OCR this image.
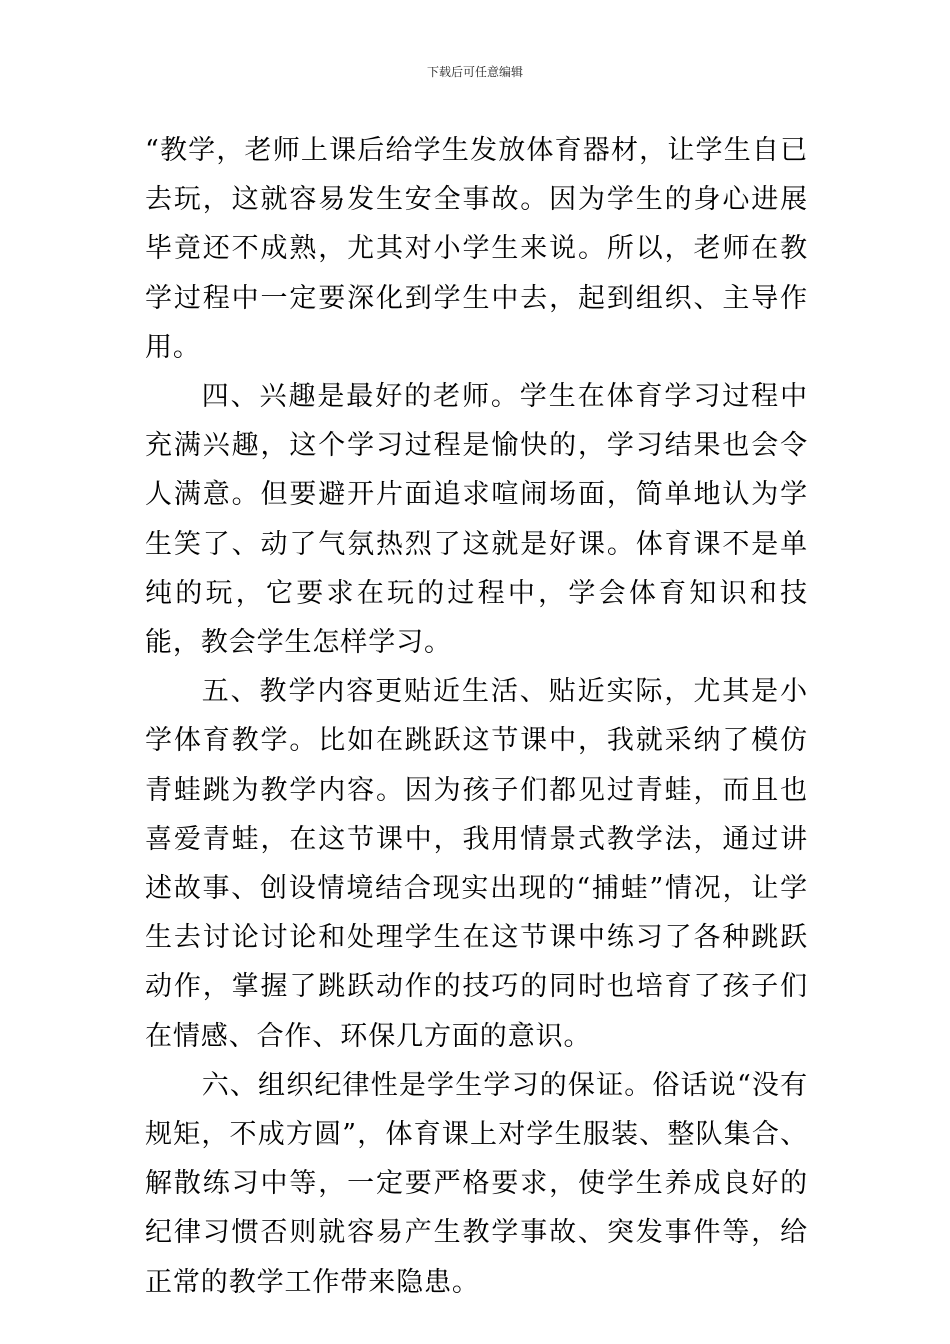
下载后可任意编辑

“教学，老师上课后给学生发放体育器材，让学生自已去玩，这就容易发生安全事故。因为学生的身心进展毕竟还不成熟，尤其对小学生来说。所以，老师在教学过程中一定要深化到学生中去，起到组织、主导作用。

四、兴趣是最好的老师。学生在体育学习过程中充满兴趣，这个学习过程是愉快的，学习结果也会令人满意。但要避开片面追求喧闹场面，简单地认为学生笑了、动了气氛热烈了这就是好课。体育课不是单纯的玩，它要求在玩的过程中，学会体育知识和技能，教会学生怎样学习。

五、教学内容更贴近生活、贴近实际，尤其是小学体育教学。比如在跳跃这节课中，我就采纳了模仿青蛙跳为教学内容。因为孩子们都见过青蛙，而且也喜爱青蛙，在这节课中，我用情景式教学法，通过讲述故事、创设情境结合现实出现的“捕蛙”情况，让学生去讨论讨论和处理学生在这节课中练习了各种跳跃动作，掌握了跳跃动作的技巧的同时也培育了孩子们在情感、合作、环保几方面的意识。

六、组织纪律性是学生学习的保证。俗话说“没有规矩，不成方圆”，体育课上对学生服装、整队集合、解散练习中等，一定要严格要求，使学生养成良好的纪律习惯否则就容易产生教学事故、突发事件等，给正常的教学工作带来隐患。
